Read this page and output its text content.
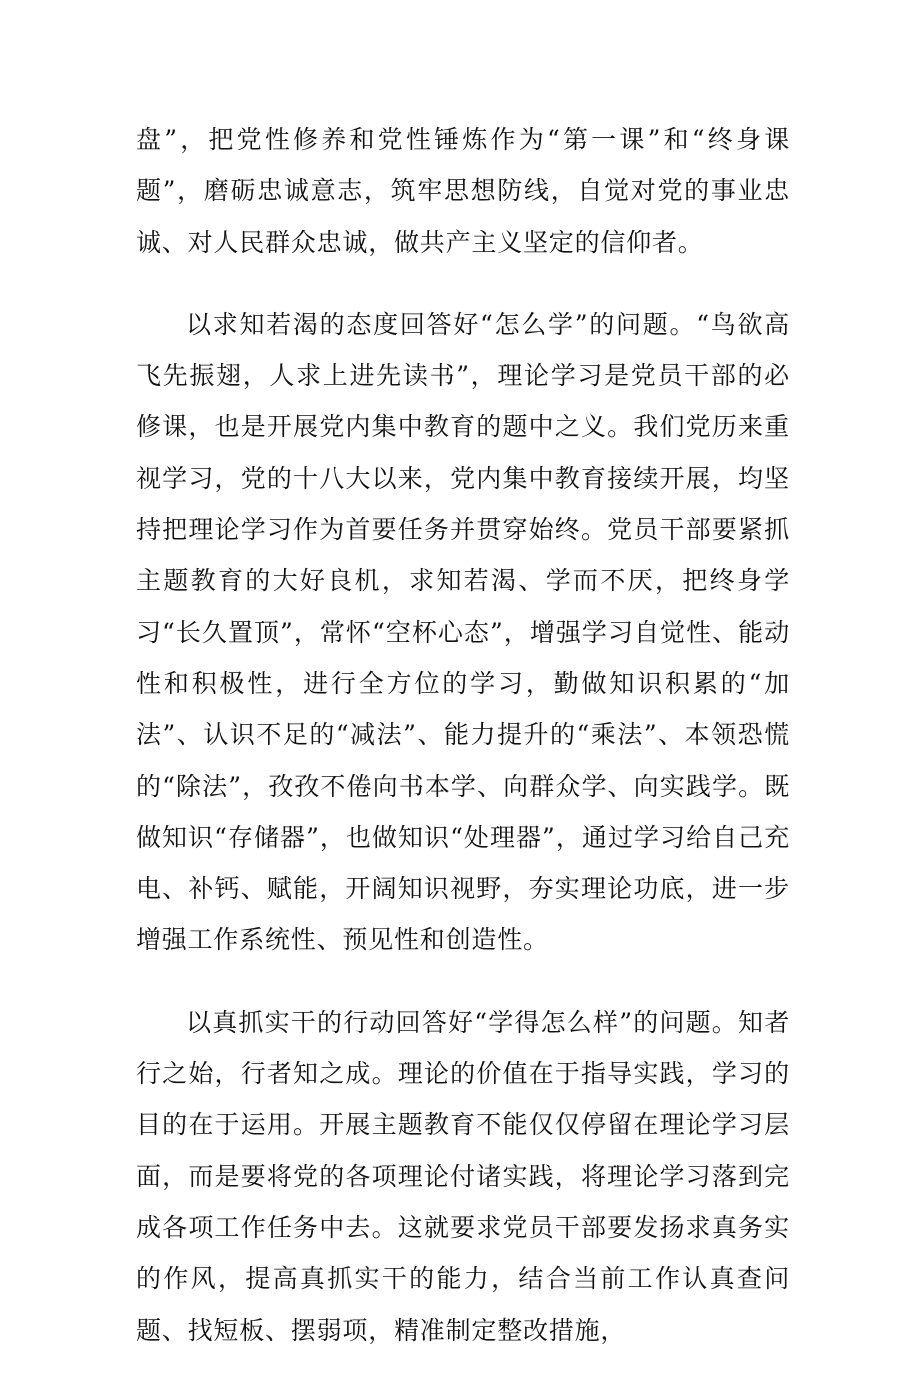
盘”，把党性修养和党性锤炼作为“第一课”和“终身课题”，磨砺忠诚意志，筑牢思想防线，自觉对党的事业忠诚、对人民群众忠诚，做共产主义坚定的信仰者。

以求知若渴的态度回答好“怎么学”的问题。“鸟欲高飞先振翅，人求上进先读书”，理论学习是党员干部的必修课，也是开展党内集中教育的题中之义。我们党历来重视学习，党的十八大以来，党内集中教育接续开展，均坚持把理论学习作为首要任务并贯穿始终。党员干部要紧抓主题教育的大好良机，求知若渴、学而不厌，把终身学习“长久置顶”，常怀“空杯心态”，增强学习自觉性、能动性和积极性，进行全方位的学习，勤做知识积累的“加法”、认识不足的“减法”、能力提升的“乘法”、本领恐慌的“除法”，孜孜不倦向书本学、向群众学、向实践学。既做知识“存储器”，也做知识“处理器”，通过学习给自己充电、补钙、赋能，开阔知识视野，夯实理论功底，进一步增强工作系统性、预见性和创造性。

以真抓实干的行动回答好“学得怎么样”的问题。知者行之始，行者知之成。理论的价值在于指导实践，学习的目的在于运用。开展主题教育不能仅仅停留在理论学习层面，而是要将党的各项理论付诸实践，将理论学习落到完成各项工作任务中去。这就要求党员干部要发扬求真务实的作风，提高真抓实干的能力，结合当前工作认真查问题、找短板、摆弱项，精准制定整改措施，
